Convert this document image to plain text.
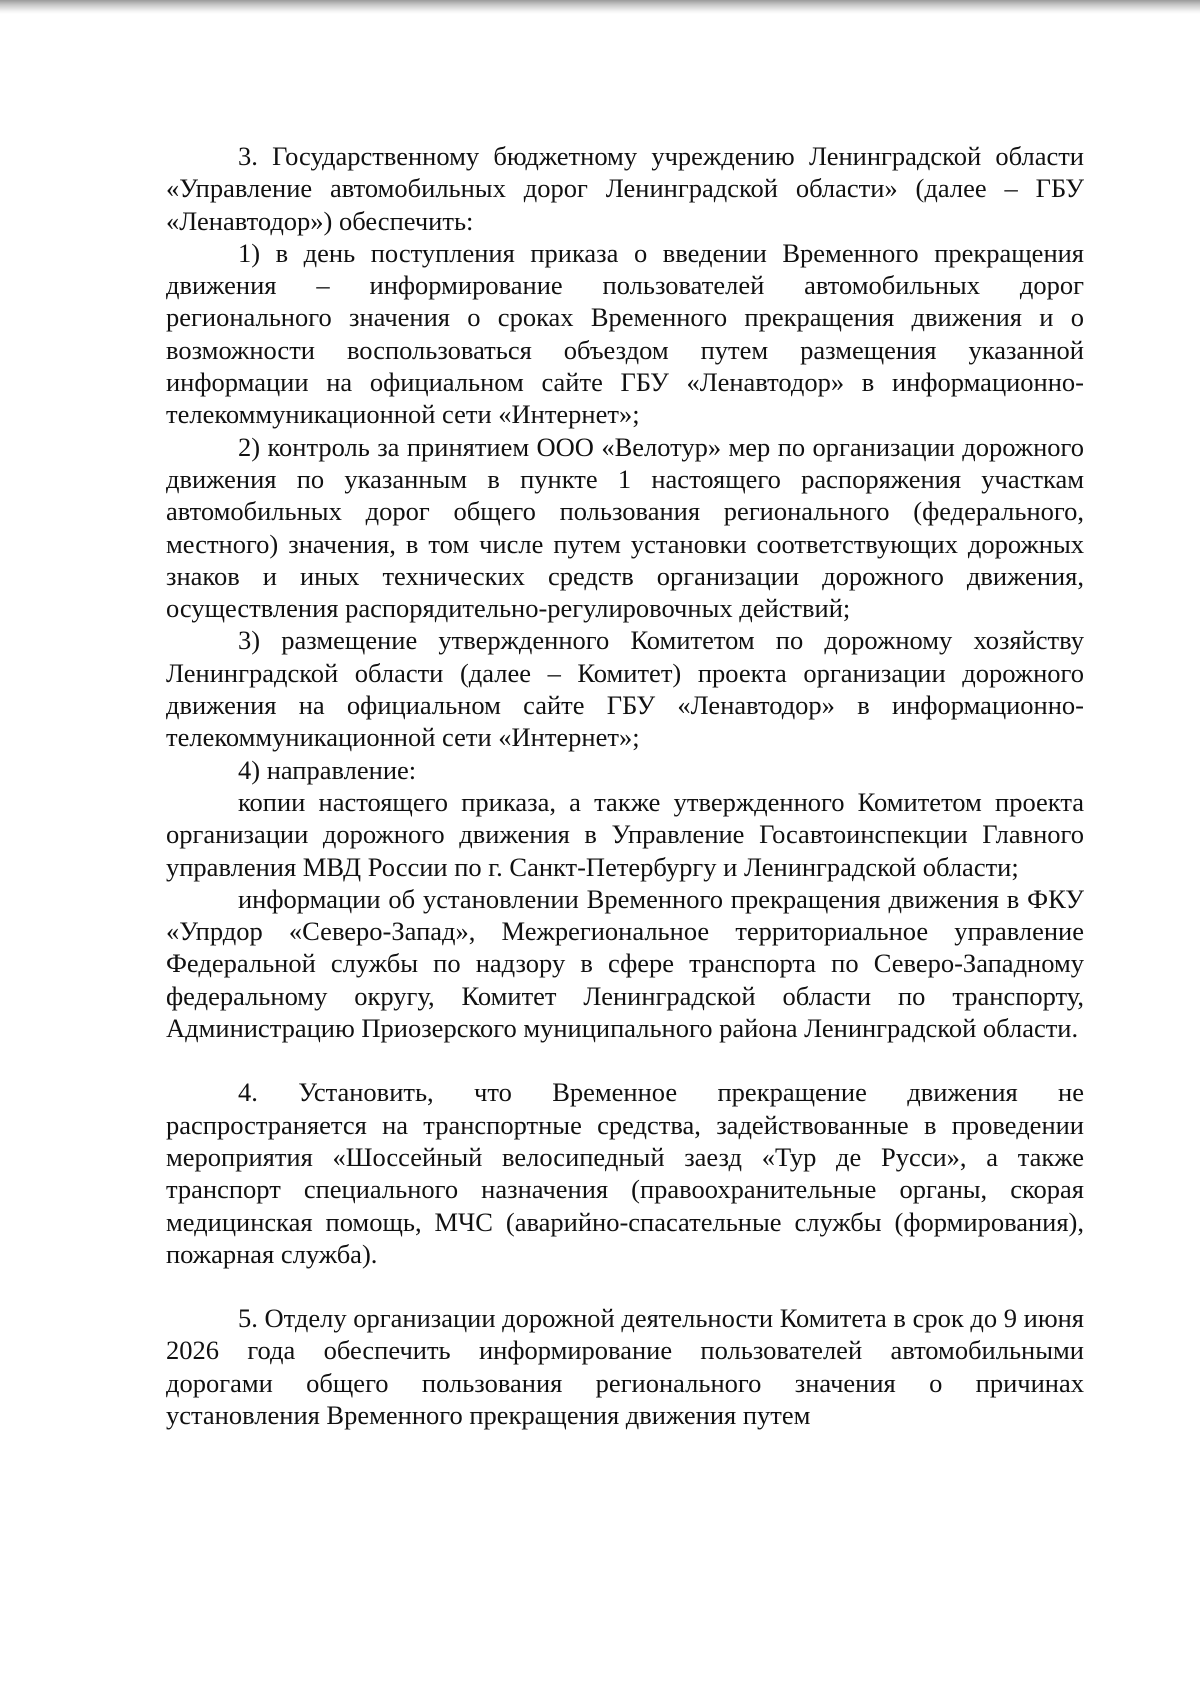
3. Государственному бюджетному учреждению Ленинградской области «Управление автомобильных дорог Ленинградской области» (далее – ГБУ «Ленавтодор») обеспечить:

1) в день поступления приказа о введении Временного прекращения движения – информирование пользователей автомобильных дорог регионального значения о сроках Временного прекращения движения и о возможности воспользоваться объездом путем размещения указанной информации на официальном сайте ГБУ «Ленавтодор» в информационно-телекоммуникационной сети «Интернет»;

2) контроль за принятием ООО «Велотур» мер по организации дорожного движения по указанным в пункте 1 настоящего распоряжения участкам автомобильных дорог общего пользования регионального (федерального, местного) значения, в том числе путем установки соответствующих дорожных знаков и иных технических средств организации дорожного движения, осуществления распорядительно-регулировочных действий;

3) размещение утвержденного Комитетом по дорожному хозяйству Ленинградской области (далее – Комитет) проекта организации дорожного движения на официальном сайте ГБУ «Ленавтодор» в информационно-телекоммуникационной сети «Интернет»;

4) направление:

копии настоящего приказа, а также утвержденного Комитетом проекта организации дорожного движения в Управление Госавтоинспекции Главного управления МВД России по г. Санкт-Петербургу и Ленинградской области;

информации об установлении Временного прекращения движения в ФКУ «Упрдор «Северо-Запад», Межрегиональное территориальное управление Федеральной службы по надзору в сфере транспорта по Северо-Западному федеральному округу, Комитет Ленинградской области по транспорту, Администрацию Приозерского муниципального района Ленинградской области.

4. Установить, что Временное прекращение движения не распространяется на транспортные средства, задействованные в проведении мероприятия «Шоссейный велосипедный заезд «Тур де Русси», а также транспорт специального назначения (правоохранительные органы, скорая медицинская помощь, МЧС (аварийно-спасательные службы (формирования), пожарная служба).

5. Отделу организации дорожной деятельности Комитета в срок до 9 июня 2026 года обеспечить информирование пользователей автомобильными дорогами общего пользования регионального значения о причинах установления Временного прекращения движения путем
